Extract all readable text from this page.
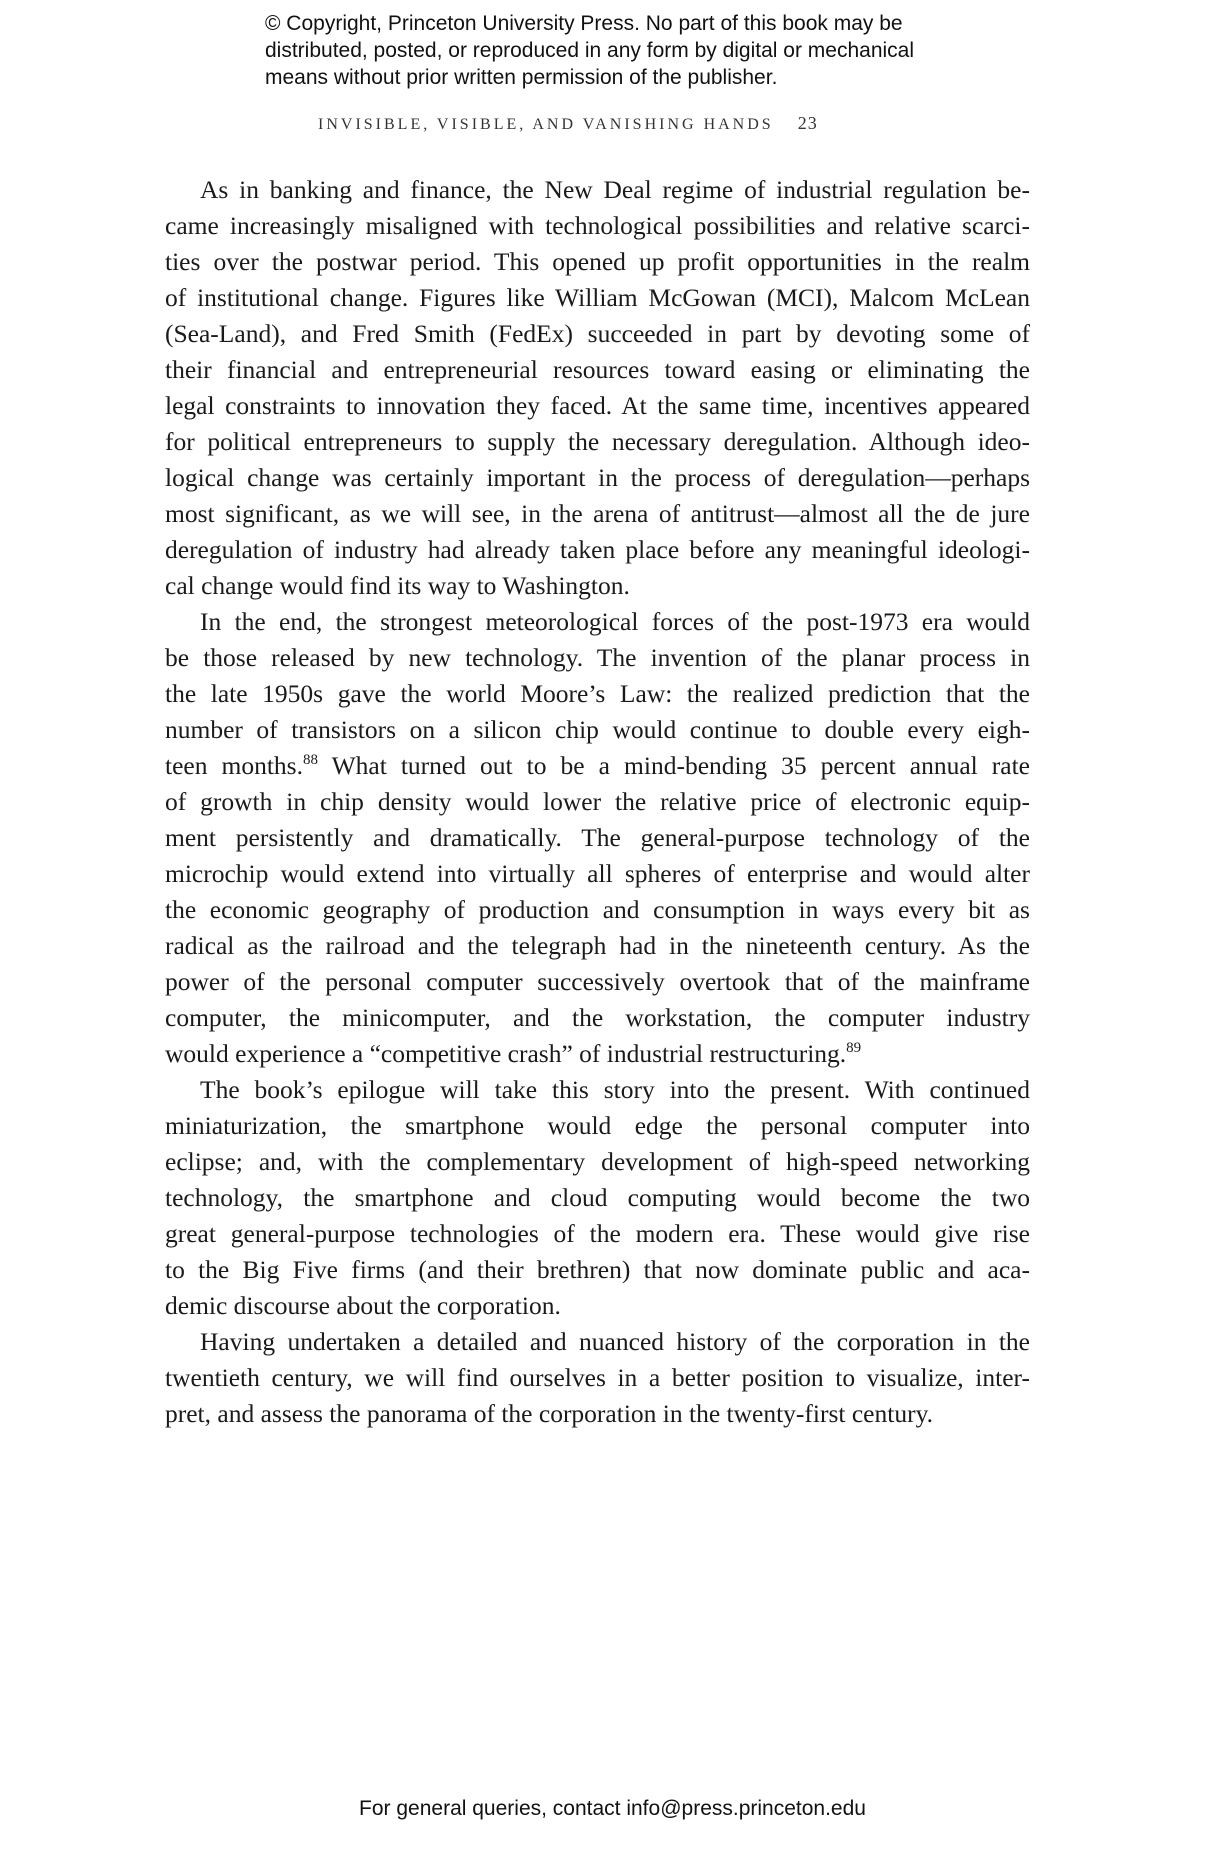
© Copyright, Princeton University Press. No part of this book may be
distributed, posted, or reproduced in any form by digital or mechanical
means without prior written permission of the publisher.
INVISIBLE, VISIBLE, AND VANISHING HANDS 23
As in banking and finance, the New Deal regime of industrial regulation be-
came increasingly misaligned with technological possibilities and relative scarci-
ties over the postwar period. This opened up profit opportunities in the realm
of institutional change. Figures like William McGowan (MCI), Malcom McLean
(Sea-Land), and Fred Smith (FedEx) succeeded in part by devoting some of
their financial and entrepreneurial resources toward easing or eliminating the
legal constraints to innovation they faced. At the same time, incentives appeared
for political entrepreneurs to supply the necessary deregulation. Although ideo-
logical change was certainly important in the process of deregulation—perhaps
most significant, as we will see, in the arena of antitrust—almost all the de jure
deregulation of industry had already taken place before any meaningful ideologi-
cal change would find its way to Washington.
In the end, the strongest meteorological forces of the post-1973 era would
be those released by new technology. The invention of the planar process in
the late 1950s gave the world Moore’s Law: the realized prediction that the
number of transistors on a silicon chip would continue to double every eigh-
teen months.$^{88}$ What turned out to be a mind-bending 35 percent annual rate
of growth in chip density would lower the relative price of electronic equip-
ment persistently and dramatically. The general-purpose technology of the
microchip would extend into virtually all spheres of enterprise and would alter
the economic geography of production and consumption in ways every bit as
radical as the railroad and the telegraph had in the nineteenth century. As the
power of the personal computer successively overtook that of the mainframe
computer, the minicomputer, and the workstation, the computer industry
would experience a “competitive crash” of industrial restructuring.$^{89}$
The book’s epilogue will take this story into the present. With continued
miniaturization, the smartphone would edge the personal computer into
eclipse; and, with the complementary development of high-speed networking
technology, the smartphone and cloud computing would become the two
great general-purpose technologies of the modern era. These would give rise
to the Big Five firms (and their brethren) that now dominate public and aca-
demic discourse about the corporation.
Having undertaken a detailed and nuanced history of the corporation in the
twentieth century, we will find ourselves in a better position to visualize, inter-
pret, and assess the panorama of the corporation in the twenty-first century.
For general queries, contact info@press.princeton.edu
